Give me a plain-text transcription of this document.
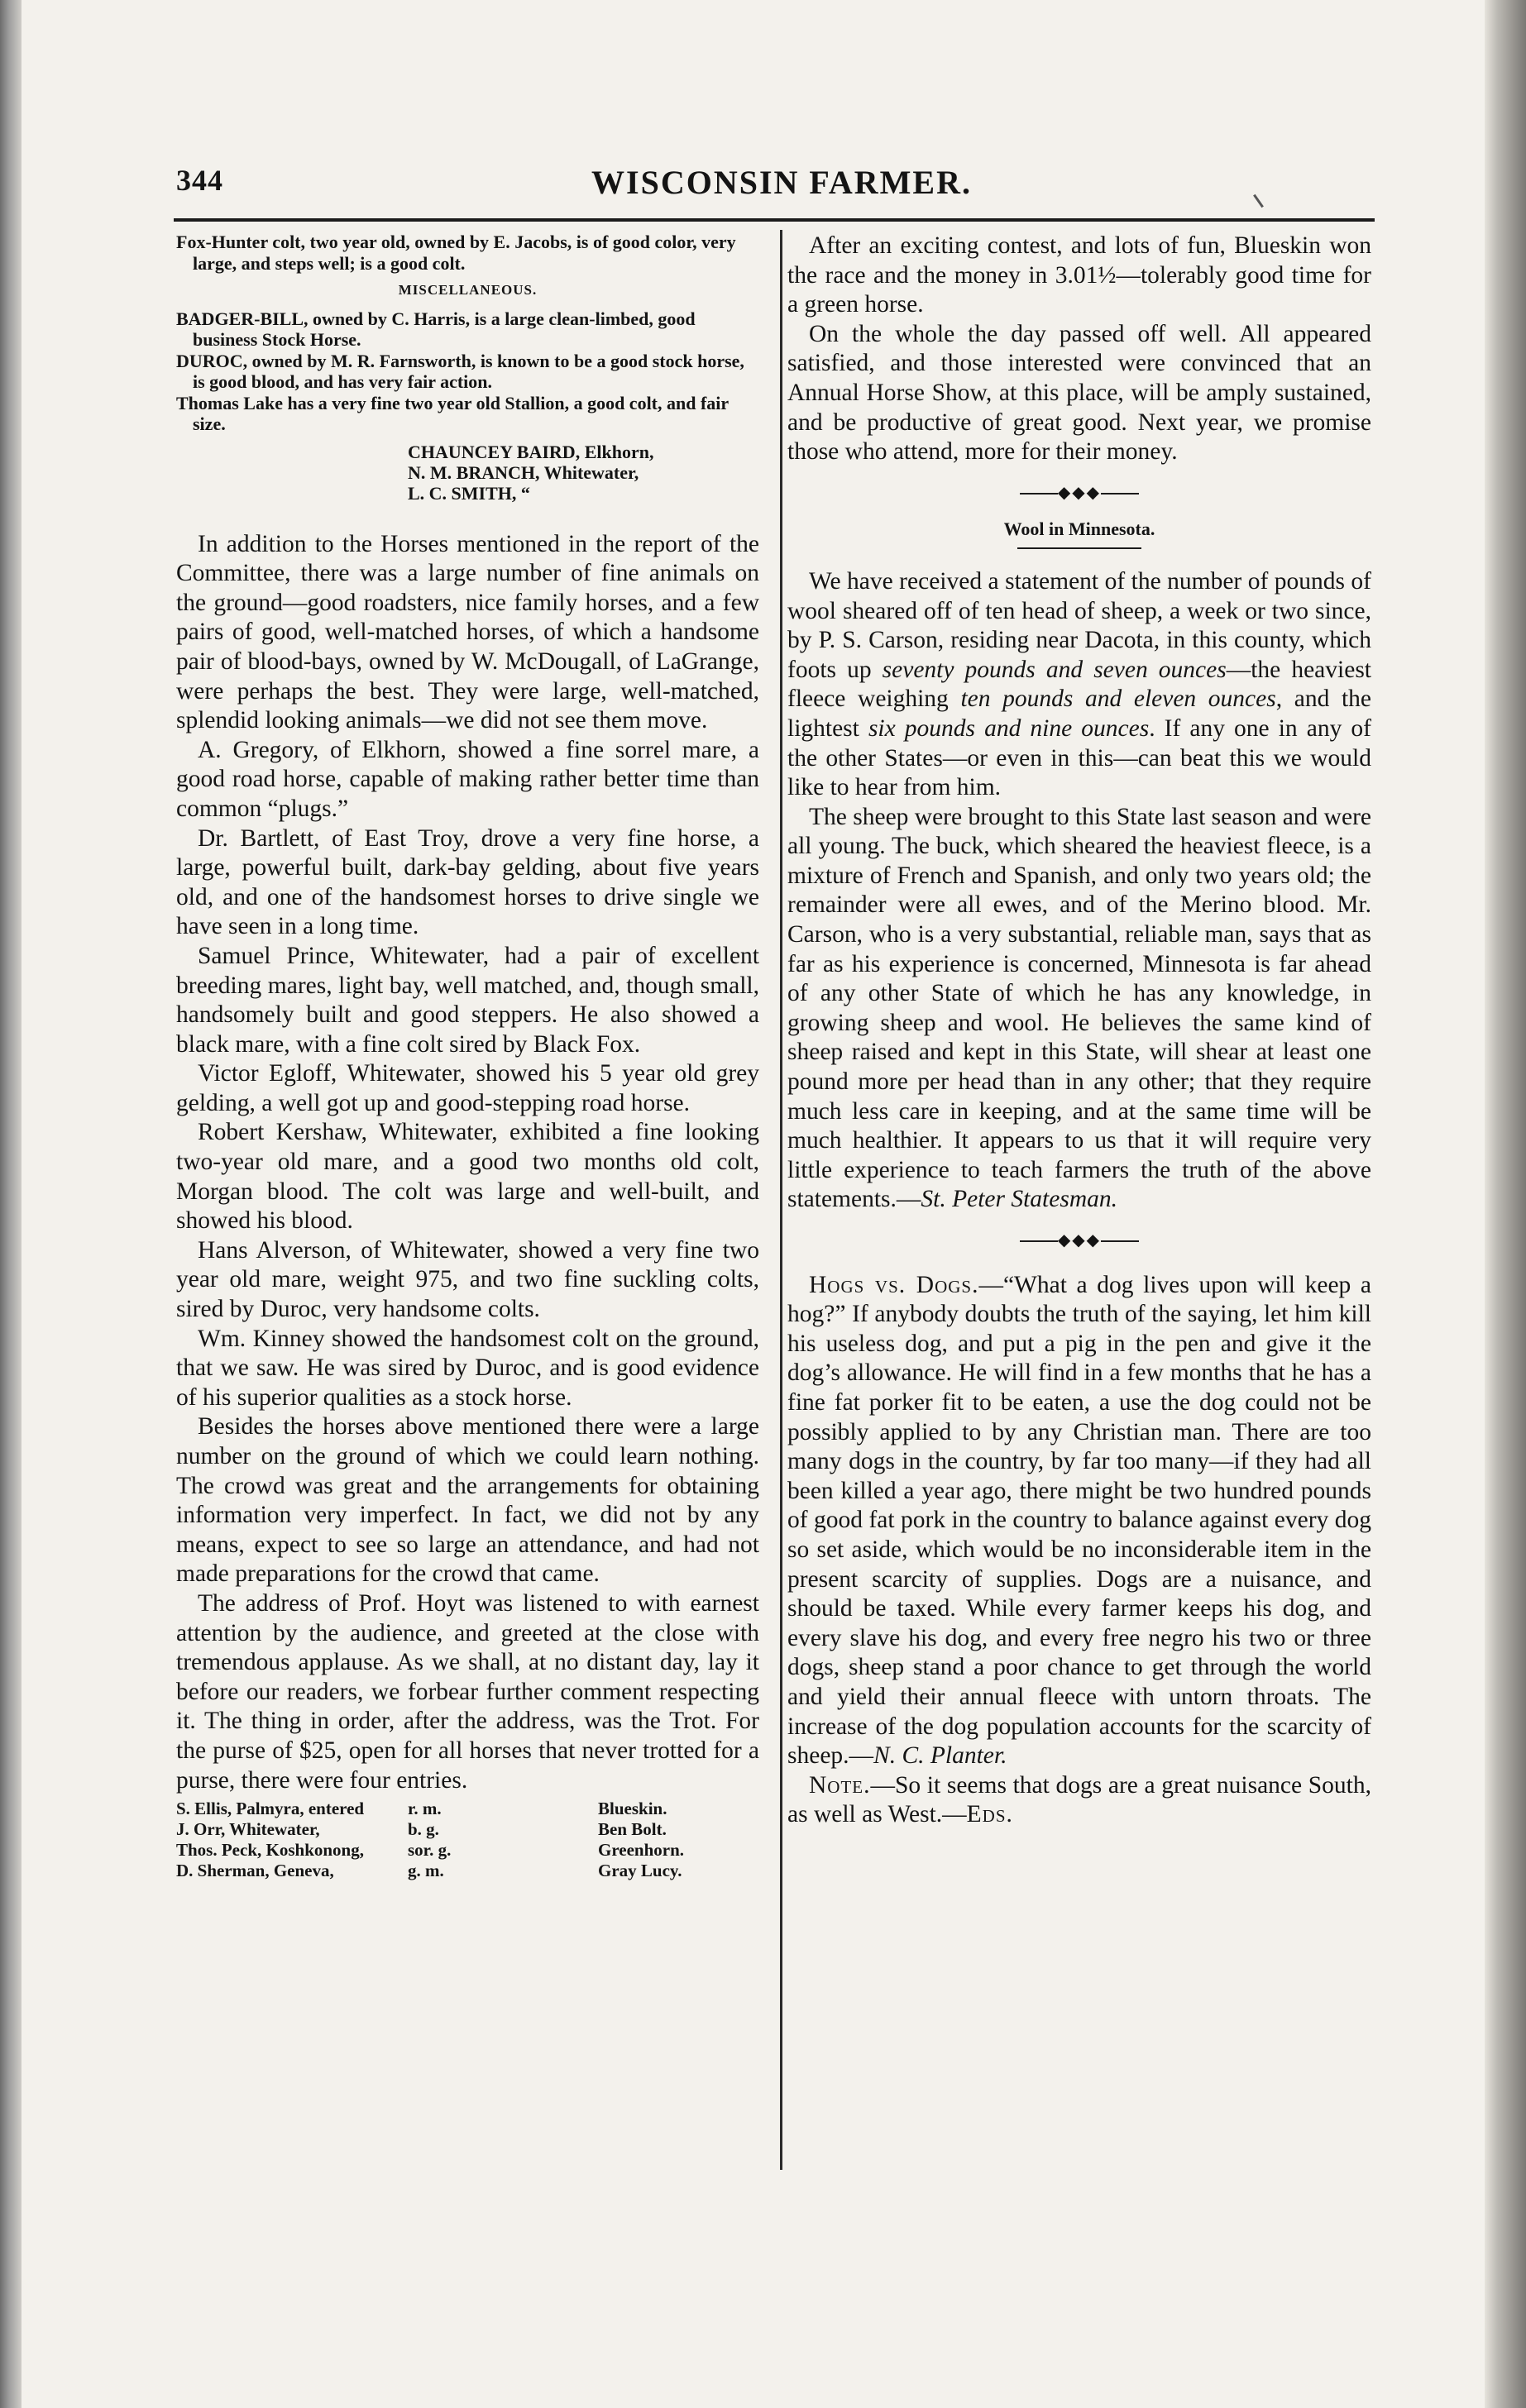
344	WISCONSIN FARMER.

Fox-Hunter colt, two year old, owned by E. Jacobs, is of good color, very large, and steps well; is a good colt.

MISCELLANEOUS.

BADGER-BILL, owned by C. Harris, is a large clean-limbed, good business Stock Horse.

DUROC, owned by M. R. Farnsworth, is known to be a good stock horse, is good blood, and has very fair action.

Thomas Lake has a very fine two year old Stallion, a good colt, and fair size.

CHAUNCEY BAIRD, Elkhorn,
N. M. BRANCH, Whitewater,
L. C. SMITH, “

In addition to the Horses mentioned in the report of the Committee, there was a large number of fine animals on the ground—good roadsters, nice family horses, and a few pairs of good, well-matched horses, of which a handsome pair of blood-bays, owned by W. McDougall, of LaGrange, were perhaps the best. They were large, well-matched, splendid looking animals—we did not see them move.

A. Gregory, of Elkhorn, showed a fine sorrel mare, a good road horse, capable of making rather better time than common “plugs.”

Dr. Bartlett, of East Troy, drove a very fine horse, a large, powerful built, dark-bay gelding, about five years old, and one of the handsomest horses to drive single we have seen in a long time.

Samuel Prince, Whitewater, had a pair of excellent breeding mares, light bay, well matched, and, though small, handsomely built and good steppers. He also showed a black mare, with a fine colt sired by Black Fox.

Victor Egloff, Whitewater, showed his 5 year old grey gelding, a well got up and good-stepping road horse.

Robert Kershaw, Whitewater, exhibited a fine looking two-year old mare, and a good two months old colt, Morgan blood. The colt was large and well-built, and showed his blood.

Hans Alverson, of Whitewater, showed a very fine two year old mare, weight 975, and two fine suckling colts, sired by Duroc, very handsome colts.

Wm. Kinney showed the handsomest colt on the ground, that we saw. He was sired by Duroc, and is good evidence of his superior qualities as a stock horse.

Besides the horses above mentioned there were a large number on the ground of which we could learn nothing. The crowd was great and the arrangements for obtaining information very imperfect. In fact, we did not by any means, expect to see so large an attendance, and had not made preparations for the crowd that came.

The address of Prof. Hoyt was listened to with earnest attention by the audience, and greeted at the close with tremendous applause. As we shall, at no distant day, lay it before our readers, we forbear further comment respecting it. The thing in order, after the address, was the Trot. For the purse of $25, open for all horses that never trotted for a purse, there were four entries.

S. Ellis, Palmyra, entered	r. m.	Blueskin.
J. Orr, Whitewater,	b. g.	Ben Bolt.
Thos. Peck, Koshkonong,	sor. g.	Greenhorn.
D. Sherman, Geneva,	g. m.	Gray Lucy.

After an exciting contest, and lots of fun, Blueskin won the race and the money in 3.01½—tolerably good time for a green horse.

On the whole the day passed off well. All appeared satisfied, and those interested were convinced that an Annual Horse Show, at this place, will be amply sustained, and be productive of great good. Next year, we promise those who attend, more for their money.

◆◆◆
Wool in Minnesota.

We have received a statement of the number of pounds of wool sheared off of ten head of sheep, a week or two since, by P. S. Carson, residing near Dacota, in this county, which foots up seventy pounds and seven ounces—the heaviest fleece weighing ten pounds and eleven ounces, and the lightest six pounds and nine ounces. If any one in any of the other States—or even in this—can beat this we would like to hear from him.

The sheep were brought to this State last season and were all young. The buck, which sheared the heaviest fleece, is a mixture of French and Spanish, and only two years old; the remainder were all ewes, and of the Merino blood. Mr. Carson, who is a very substantial, reliable man, says that as far as his experience is concerned, Minnesota is far ahead of any other State of which he has any knowledge, in growing sheep and wool. He believes the same kind of sheep raised and kept in this State, will shear at least one pound more per head than in any other; that they require much less care in keeping, and at the same time will be much healthier. It appears to us that it will require very little experience to teach farmers the truth of the above statements.—St. Peter Statesman.

◆◆◆

Hogs vs. Dogs.—“What a dog lives upon will keep a hog?” If anybody doubts the truth of the saying, let him kill his useless dog, and put a pig in the pen and give it the dog’s allowance. He will find in a few months that he has a fine fat porker fit to be eaten, a use the dog could not be possibly applied to by any Christian man. There are too many dogs in the country, by far too many—if they had all been killed a year ago, there might be two hundred pounds of good fat pork in the country to balance against every dog so set aside, which would be no inconsiderable item in the present scarcity of supplies. Dogs are a nuisance, and should be taxed. While every farmer keeps his dog, and every slave his dog, and every free negro his two or three dogs, sheep stand a poor chance to get through the world and yield their annual fleece with untorn throats. The increase of the dog population accounts for the scarcity of sheep.—N. C. Planter.

Note.—So it seems that dogs are a great nuisance South, as well as West.—Eds.
